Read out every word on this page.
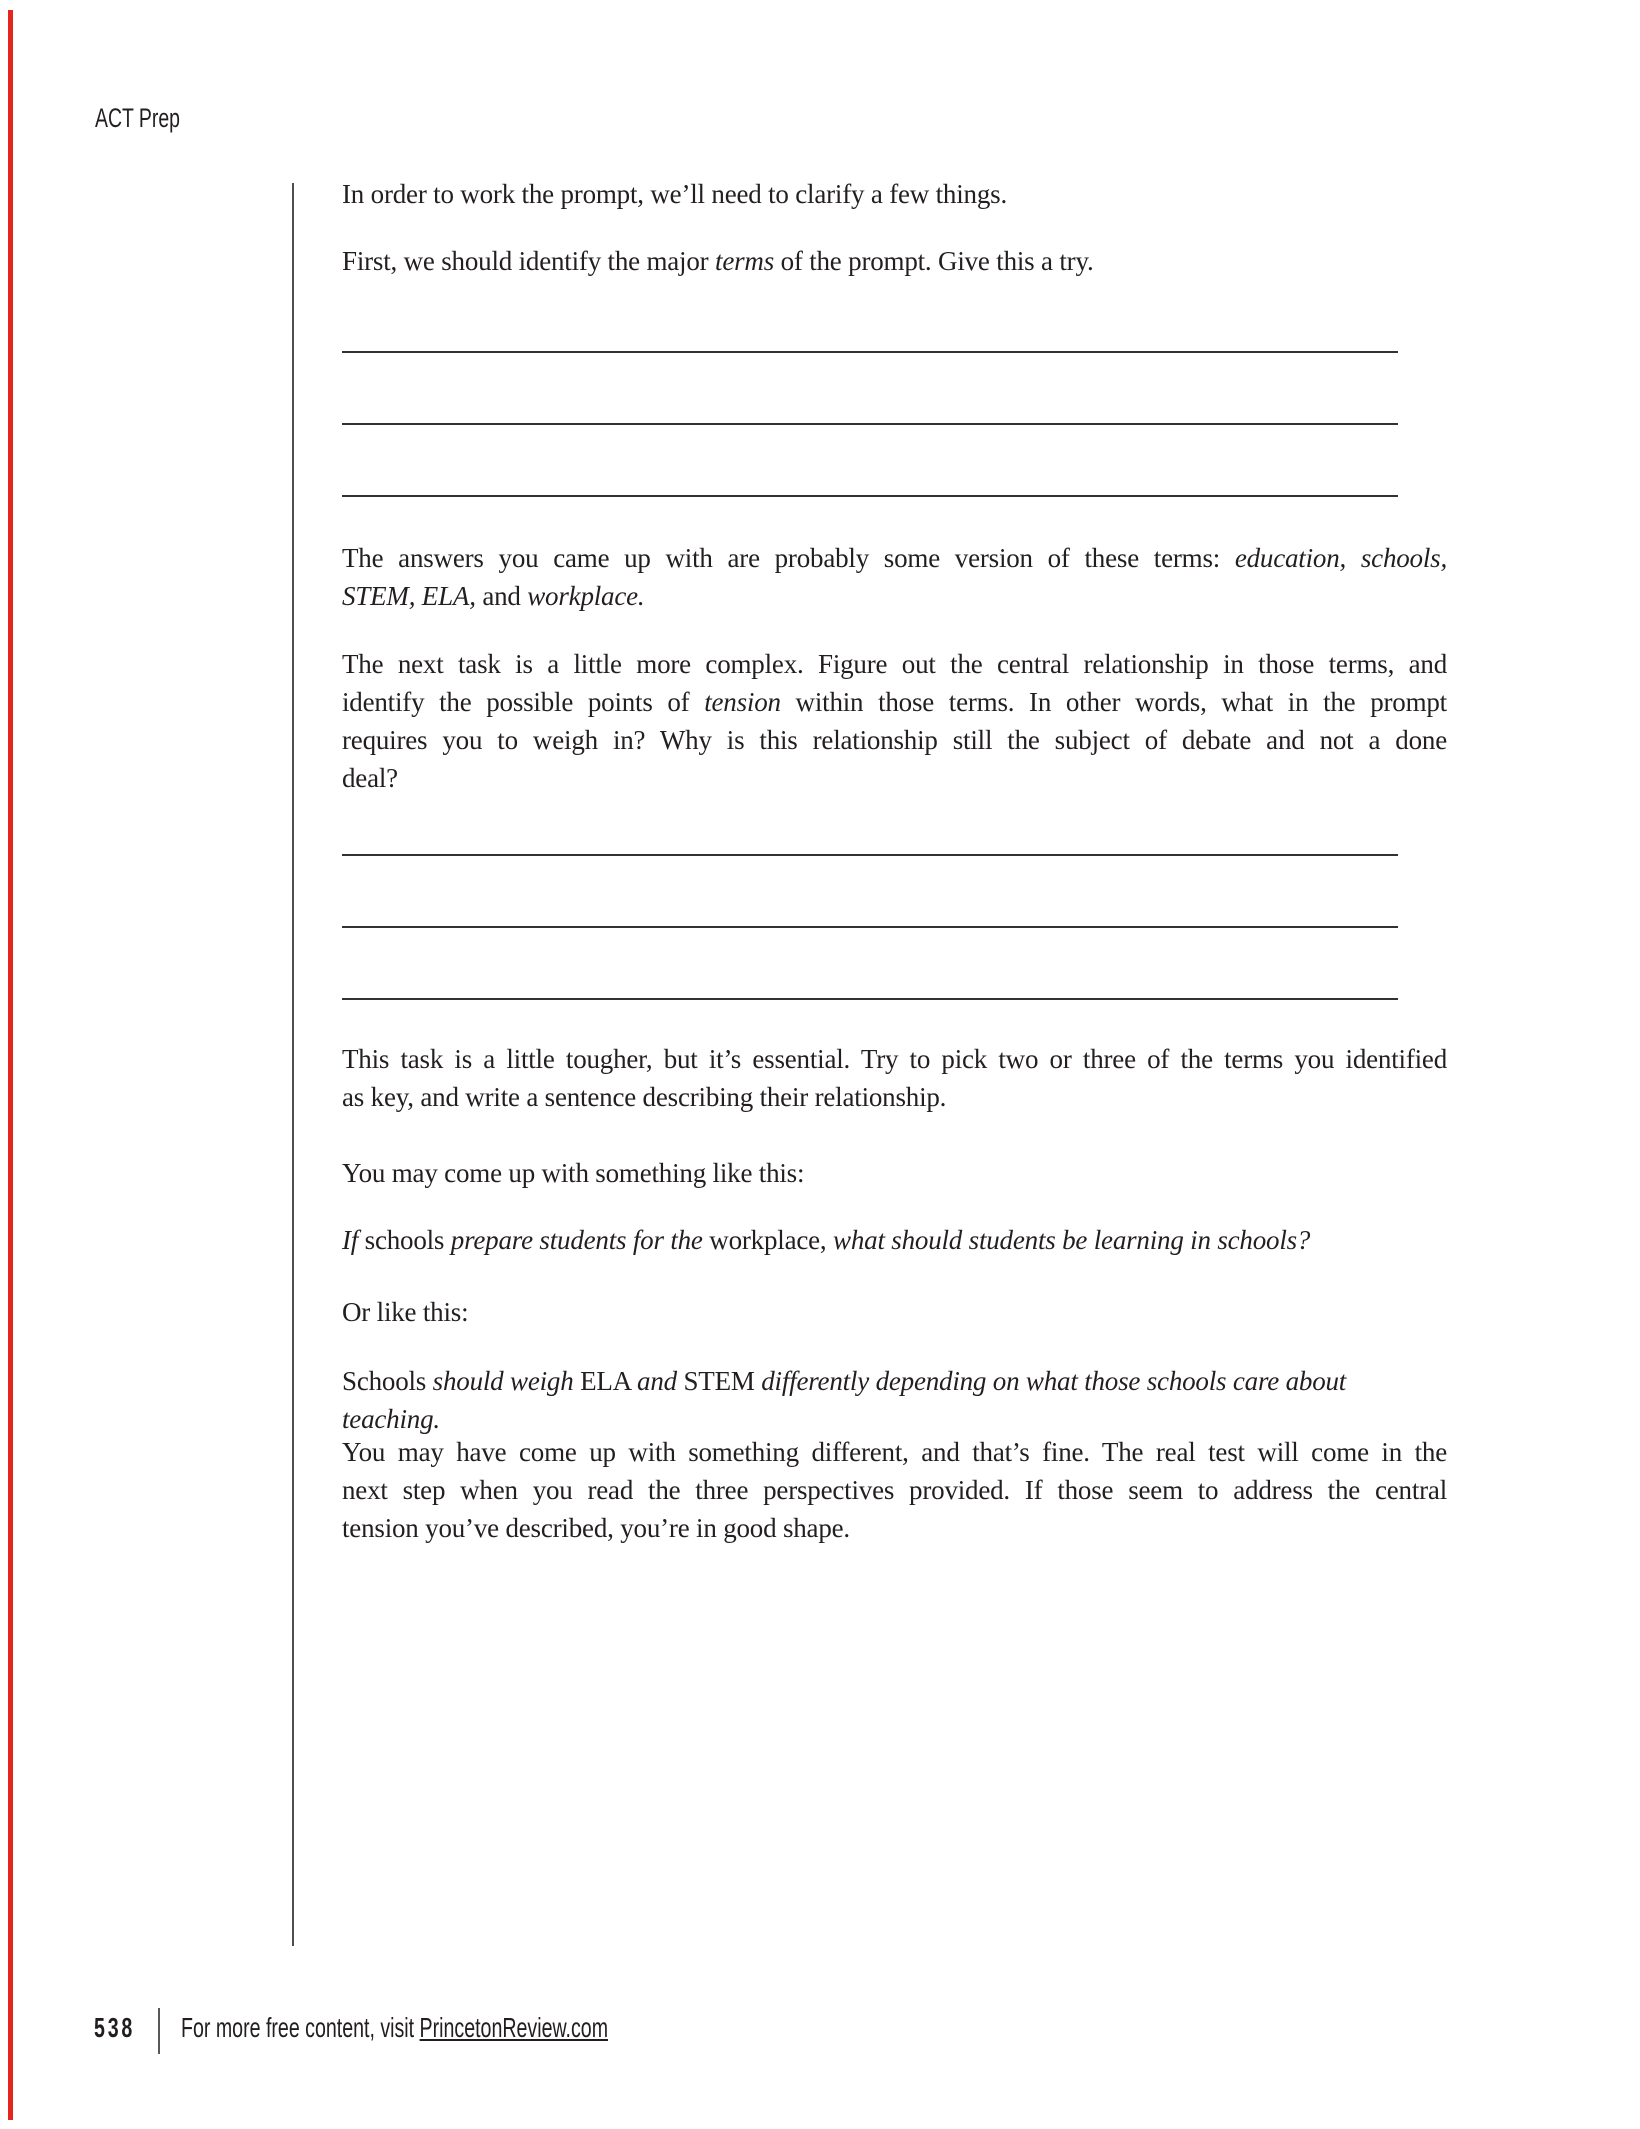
ACT Prep
In order to work the prompt, we’ll need to clarify a few things.
First, we should identify the major terms of the prompt. Give this a try.
The answers you came up with are probably some version of these terms: education, schools,
STEM, ELA, and workplace.
The next task is a little more complex. Figure out the central relationship in those terms, and
identify the possible points of tension within those terms. In other words, what in the prompt
requires you to weigh in? Why is this relationship still the subject of debate and not a done
deal?
This task is a little tougher, but it’s essential. Try to pick two or three of the terms you identified
as key, and write a sentence describing their relationship.
You may come up with something like this:
If schools prepare students for the workplace, what should students be learning in schools?
Or like this:
Schools should weigh ELA and STEM differently depending on what those schools care about teaching.
You may have come up with something different, and that’s fine. The real test will come in the
next step when you read the three perspectives provided. If those seem to address the central
tension you’ve described, you’re in good shape.
538 For more free content, visit PrincetonReview.com
